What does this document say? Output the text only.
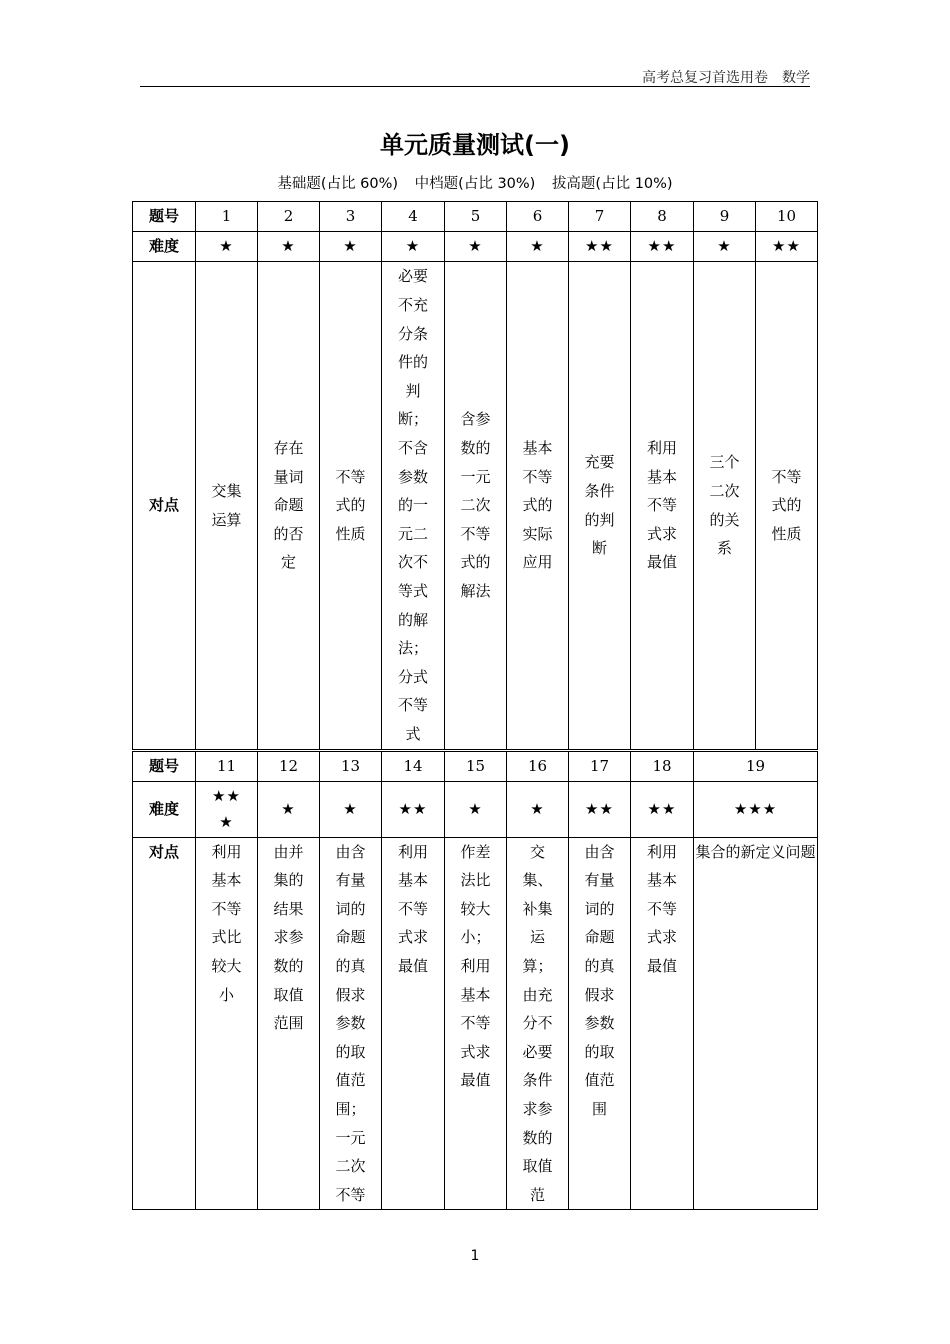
高考总复习首选用卷　数学
单元质量测试(一)
基础题(占比 60%) 中档题(占比 30%) 拔高题(占比 10%)
题号	1	2	3	4	5	6	7	8	9	10
难度	★	★	★	★	★	★	★★	★★	★	★★
对点	交集运算	存在量词命题的否定	不等式的性质	必要不充分条件的判断；不含参数的一元二次不等式的解法；分式不等式	含参数的一元二次不等式的解法	基本不等式的实际应用	充要条件的判断	利用基本不等式求最值	三个二次的关系	不等式的性质
题号	11	12	13	14	15	16	17	18	19
难度	★★★	★	★	★★	★	★	★★	★★	★★★
对点	利用基本不等式比较大小	由并集的结果求参数的取值范围	由含有量词的命题的真假求参数的取值范围；一元二次不等	利用基本不等式求最值	作差法比较大小；利用基本不等式求最值	交集、补集运算；由充分不必要条件求参数的取值范	由含有量词的命题的真假求参数的取值范围	利用基本不等式求最值	集合的新定义问题
1
